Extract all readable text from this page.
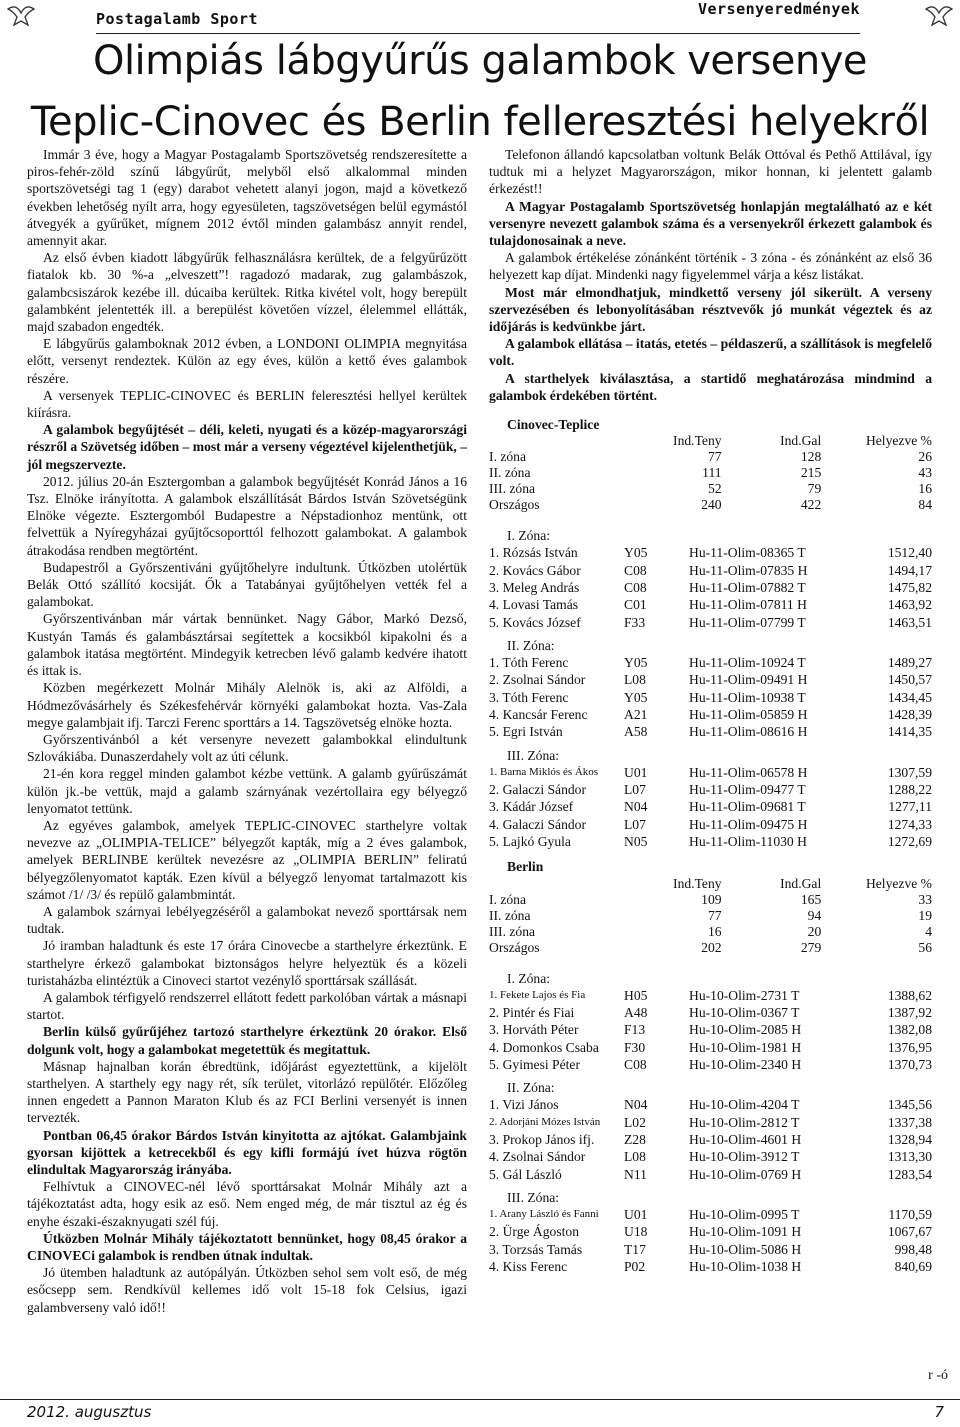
Postagalamb Sport
Versenyeredmények
Olimpiás lábgyűrűs galambok versenye
Teplic-Cinovec és Berlin felleresztési helyekről

Immár 3 éve, hogy a Magyar Postagalamb Sportszövetség rendszeresítette a piros-fehér-zöld színű lábgyűrűt, melyből első alkalommal minden sportszövetségi tag 1 (egy) darabot vehetett alanyi jogon, majd a következő években lehetőség nyílt arra, hogy egyesületen, tagszövetségen belül egymástól átvegyék a gyűrűket, mígnem 2012 évtől minden galambász annyit rendel, amennyit akar.

Az első évben kiadott lábgyűrűk felhasználásra kerültek, de a felgyűrűzött fiatalok kb. 30 %-a „elveszett”! ragadozó madarak, zug galambászok, galambcsiszárok kezébe ill. dúcaiba kerültek. Ritka kivétel volt, hogy berepült galambként jelentették ill. a berepülést követően vízzel, élelemmel ellátták, majd szabadon engedték.

E lábgyűrűs galamboknak 2012 évben, a LONDONI OLIMPIA megnyitása előtt, versenyt rendeztek. Külön az egy éves, külön a kettő éves galambok részére.

A versenyek TEPLIC-CINOVEC és BERLIN feleresztési hellyel kerültek kiírásra.

A galambok begyűjtését – déli, keleti, nyugati és a közép-magyarországi részről a Szövetség időben – most már a verseny végeztével kijelenthetjük, – jól megszervezte.

2012. július 20-án Esztergomban a galambok begyűjtését Konrád János a 16 Tsz. Elnöke irányította. A galambok elszállítását Bárdos István Szövetségünk Elnöke végezte. Esztergomból Budapestre a Népstadionhoz mentünk, ott felvettük a Nyíregyházai gyűjtőcsoporttól felhozott galambokat. A galambok átrakodása rendben megtörtént.

Budapestről a Győrszentiváni gyűjtőhelyre indultunk. Útközben utolértük Belák Ottó szállító kocsiját. Ők a Tatabányai gyűjtőhelyen vették fel a galambokat.

Győrszentivánban már vártak bennünket. Nagy Gábor, Markó Dezső, Kustyán Tamás és galambásztársai segítettek a kocsikból kipakolni és a galambok itatása megtörtént. Mindegyik ketrecben lévő galamb kedvére ihatott és ittak is.

Közben megérkezett Molnár Mihály Alelnök is, aki az Alföldi, a Hódmezővásárhely és Székesfehérvár környéki galambokat hozta. Vas-Zala megye galambjait ifj. Tarczi Ferenc sporttárs a 14. Tagszövetség elnöke hozta.

Győrszentivánból a két versenyre nevezett galambokkal elindultunk Szlovákiába. Dunaszerdahely volt az úti célunk.

21-én kora reggel minden galambot kézbe vettünk. A galamb gyűrűszámát külön jk.-be vettük, majd a galamb szárnyának vezértollaira egy bélyegző lenyomatot tettünk.

Az egyéves galambok, amelyek TEPLIC-CINOVEC starthelyre voltak nevezve az „OLIMPIA-TELICE” bélyegzőt kapták, míg a 2 éves galambok, amelyek BERLINBE kerültek nevezésre az „OLIMPIA BERLIN” feliratú bélyegzőlenyomatot kapták. Ezen kívül a bélyegző lenyomat tartalmazott kis számot /1/ /3/ és repülő galambmintát.

A galambok szárnyai lebélyegzéséről a galambokat nevező sporttársak nem tudtak.

Jó iramban haladtunk és este 17 órára Cinovecbe a starthelyre érkeztünk. E starthelyre érkező galambokat biztonságos helyre helyeztük és a közeli turistaházba elintéztük a Cinoveci startot vezénylő sporttársak szállását.

A galambok térfigyelő rendszerrel ellátott fedett parkolóban vártak a másnapi startot.

Berlin külső gyűrűjéhez tartozó starthelyre érkeztünk 20 órakor. Első dolgunk volt, hogy a galambokat megetettük és megitattuk.

Másnap hajnalban korán ébredtünk, időjárást egyeztettünk, a kijelölt starthelyen. A starthely egy nagy rét, sík terület, vitorlázó repülőtér. Előzőleg innen engedett a Pannon Maraton Klub és az FCI Berlini versenyét is innen tervezték.

Pontban 06,45 órakor Bárdos István kinyitotta az ajtókat. Galambjaink gyorsan kijöttek a ketrecekből és egy kifli formájú ívet húzva rögtön elindultak Magyarország irányába.

Felhívtuk a CINOVEC-nél lévő sporttársakat Molnár Mihály azt a tájékoztatást adta, hogy esik az eső. Nem enged még, de már tisztul az ég és enyhe északi-északnyugati szél fúj.

Útközben Molnár Mihály tájékoztatott bennünket, hogy 08,45 órakor a CINOVECi galambok is rendben útnak indultak.

Jó ütemben haladtunk az autópályán. Útközben sehol sem volt eső, de még esőcsepp sem. Rendkívül kellemes idő volt 15-18 fok Celsius, igazi galambverseny való idő!!

Telefonon állandó kapcsolatban voltunk Belák Ottóval és Pethő Attilával, így tudtuk mi a helyzet Magyarországon, mikor honnan, ki jelentett galamb érkezést!!

A Magyar Postagalamb Sportszövetség honlapján megtalálható az e két versenyre nevezett galambok száma és a versenyekről érkezett galambok és tulajdonosainak a neve.

A galambok értékelése zónánként történik - 3 zóna - és zónánként az első 36 helyezett kap díjat. Mindenki nagy figyelemmel várja a kész listákat.

Most már elmondhatjuk, mindkettő verseny jól sikerült. A verseny szervezésében és lebonyolításában résztvevők jó munkát végeztek és az időjárás is kedvünkbe járt.

A galambok ellátása – itatás, etetés – példaszerű, a szállítások is megfelelő volt.

A starthelyek kiválasztása, a startidő meghatározása mindmind a galambok érdekében történt.

Cinovec-Teplice
	Ind.Teny	Ind.Gal	Helyezve %
I. zóna	77	128	26
II. zóna	111	215	43
III. zóna	52	79	16
Országos	240	422	84
I. Zóna:
1. Rózsás István	Y05	Hu-11-Olim-08365 T	1512,40
2. Kovács Gábor	C08	Hu-11-Olim-07835 H	1494,17
3. Meleg András	C08	Hu-11-Olim-07882 T	1475,82
4. Lovasi Tamás	C01	Hu-11-Olim-07811 H	1463,92
5. Kovács József	F33	Hu-11-Olim-07799 T	1463,51
II. Zóna:
1. Tóth Ferenc	Y05	Hu-11-Olim-10924 T	1489,27
2. Zsolnai Sándor	L08	Hu-11-Olim-09491 H	1450,57
3. Tóth Ferenc	Y05	Hu-11-Olim-10938 T	1434,45
4. Kancsár Ferenc	A21	Hu-11-Olim-05859 H	1428,39
5. Egri István	A58	Hu-11-Olim-08616 H	1414,35
III. Zóna:
1. Barna Miklós és Ákos	U01	Hu-11-Olim-06578 H	1307,59
2. Galaczi Sándor	L07	Hu-11-Olim-09477 T	1288,22
3. Kádár József	N04	Hu-11-Olim-09681 T	1277,11
4. Galaczi Sándor	L07	Hu-11-Olim-09475 H	1274,33
5. Lajkó Gyula	N05	Hu-11-Olim-11030 H	1272,69
Berlin
	Ind.Teny	Ind.Gal	Helyezve %
I. zóna	109	165	33
II. zóna	77	94	19
III. zóna	16	20	4
Országos	202	279	56
I. Zóna:
1. Fekete Lajos és Fia	H05	Hu-10-Olim-2731 T	1388,62
2. Pintér és Fiai	A48	Hu-10-Olim-0367 T	1387,92
3. Horváth Péter	F13	Hu-10-Olim-2085 H	1382,08
4. Domonkos Csaba	F30	Hu-10-Olim-1981 H	1376,95
5. Gyimesi Péter	C08	Hu-10-Olim-2340 H	1370,73
II. Zóna:
1. Vizi János	N04	Hu-10-Olim-4204 T	1345,56
2. Adorjáni Mózes István	L02	Hu-10-Olim-2812 T	1337,38
3. Prokop János ifj.	Z28	Hu-10-Olim-4601 H	1328,94
4. Zsolnai Sándor	L08	Hu-10-Olim-3912 T	1313,30
5. Gál László	N11	Hu-10-Olim-0769 H	1283,54
III. Zóna:
1. Arany László és Fanni	U01	Hu-10-Olim-0995 T	1170,59
2. Ürge Ágoston	U18	Hu-10-Olim-1091 H	1067,67
3. Torzsás Tamás	T17	Hu-10-Olim-5086 H	998,48
4. Kiss Ferenc	P02	Hu-10-Olim-1038 H	840,69
r -ó
2012. augusztus	7
